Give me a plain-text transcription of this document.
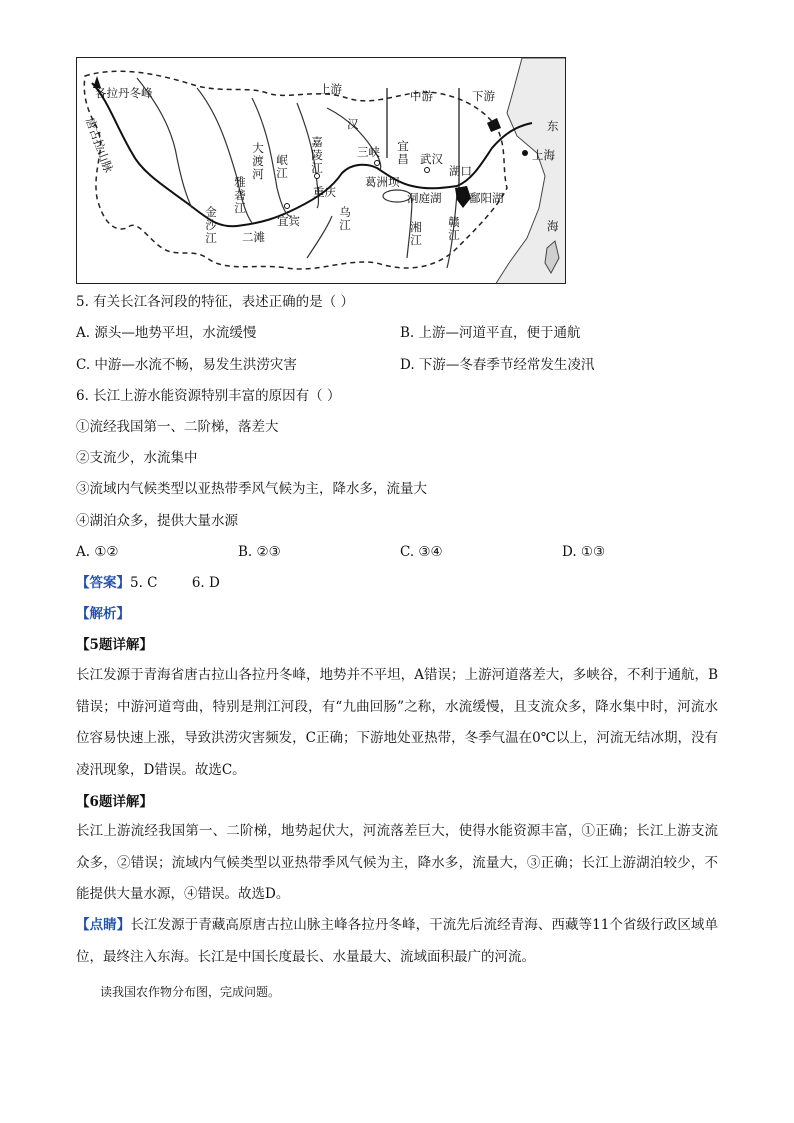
各拉丹冬峰
唐古拉山脉
上游	中游	下游
汉
嘉陵江
岷江
大渡河
雅砻江
金沙江 二滩
宜宾
重庆
乌江
三峡 宜昌
葛洲坝
武汉
湖口
洞庭湖 鄱阳湖
湘江
赣江
上海
东
海
5. 有关长江各河段的特征，表述正确的是（ ）
A. 源头—地势平坦，水流缓慢	B. 上游—河道平直，便于通航
C. 中游—水流不畅，易发生洪涝灾害	D. 下游—冬春季节经常发生凌汛
6. 长江上游水能资源特别丰富的原因有（ ）
①流经我国第一、二阶梯，落差大
②支流少，水流集中
③流域内气候类型以亚热带季风气候为主，降水多，流量大
④湖泊众多，提供大量水源
A. ①②	B. ②③	C. ③④	D. ①③
【答案】5. C        6. D
【解析】
【5题详解】
长江发源于青海省唐古拉山各拉丹冬峰，地势并不平坦，A错误；上游河道落差大，多峡谷，不利于通航，B错误；中游河道弯曲，特别是荆江河段，有“九曲回肠”之称，水流缓慢，且支流众多，降水集中时，河流水位容易快速上涨，导致洪涝灾害频发，C正确；下游地处亚热带，冬季气温在0℃以上，河流无结冰期，没有凌汛现象，D错误。故选C。
【6题详解】
长江上游流经我国第一、二阶梯，地势起伏大，河流落差巨大，使得水能资源丰富，①正确；长江上游支流众多，②错误；流域内气候类型以亚热带季风气候为主，降水多，流量大，③正确；长江上游湖泊较少，不能提供大量水源，④错误。故选D。
【点睛】长江发源于青藏高原唐古拉山脉主峰各拉丹冬峰，干流先后流经青海、西藏等11个省级行政区域单位，最终注入东海。长江是中国长度最长、水量最大、流域面积最广的河流。
读我国农作物分布图，完成问题。
